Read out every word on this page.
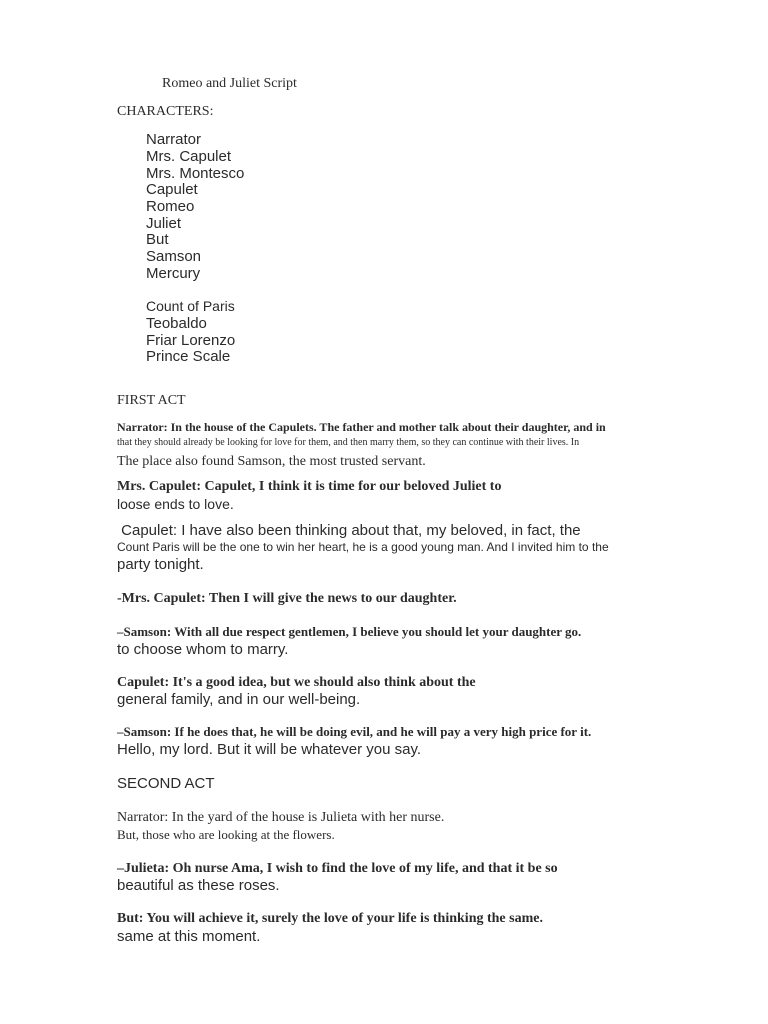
Romeo and Juliet Script
CHARACTERS:
Narrator
Mrs. Capulet
Mrs. Montesco
Capulet
Romeo
Juliet
But
Samson
Mercury
Count of Paris
Teobaldo
Friar Lorenzo
Prince Scale
FIRST ACT
Narrator: In the house of the Capulets. The father and mother talk about their daughter, and in
that they should already be looking for love for them, and then marry them, so they can continue with their lives. In
The place also found Samson, the most trusted servant.
Mrs. Capulet: Capulet, I think it is time for our beloved Juliet to
loose ends to love.
Capulet: I have also been thinking about that, my beloved, in fact, the
Count Paris will be the one to win her heart, he is a good young man. And I invited him to the
party tonight.
-Mrs. Capulet: Then I will give the news to our daughter.
–Samson: With all due respect gentlemen, I believe you should let your daughter go.
to choose whom to marry.
Capulet: It's a good idea, but we should also think about the
general family, and in our well-being.
–Samson: If he does that, he will be doing evil, and he will pay a very high price for it.
Hello, my lord. But it will be whatever you say.
SECOND ACT
Narrator: In the yard of the house is Julieta with her nurse.
But, those who are looking at the flowers.
–Julieta: Oh nurse Ama, I wish to find the love of my life, and that it be so
beautiful as these roses.
But: You will achieve it, surely the love of your life is thinking the same.
same at this moment.
